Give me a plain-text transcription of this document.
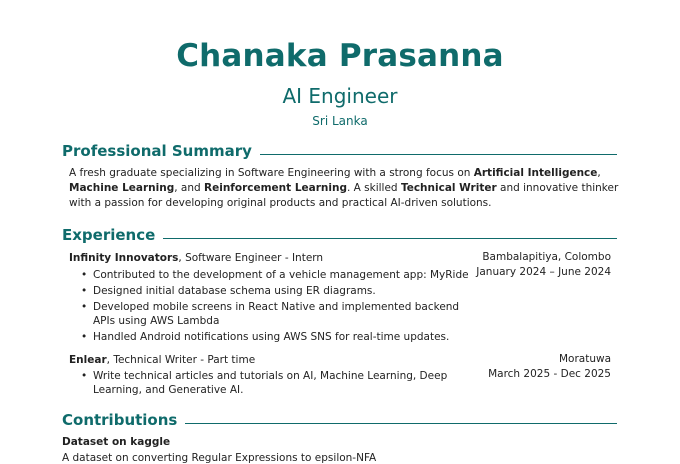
Chanaka Prasanna
AI Engineer
Sri Lanka
Professional Summary

A fresh graduate specializing in Software Engineering with a strong focus on Artificial Intelligence, Machine Learning, and Reinforcement Learning. A skilled Technical Writer and innovative thinker with a passion for developing original products and practical AI-driven solutions.

Experience
Infinity Innovators, Software Engineer - Intern	Bambalapitiya, Colombo
January 2024 – June 2024
• Contributed to the development of a vehicle management app: MyRide
• Designed initial database schema using ER diagrams.
• Developed mobile screens in React Native and implemented backend APIs using AWS Lambda
• Handled Android notifications using AWS SNS for real-time updates.
Enlear, Technical Writer - Part time	Moratuwa
March 2025 - Dec 2025
• Write technical articles and tutorials on AI, Machine Learning, Deep Learning, and Generative AI.
Contributions
Dataset on kaggle
A dataset on converting Regular Expressions to epsilon-NFA
